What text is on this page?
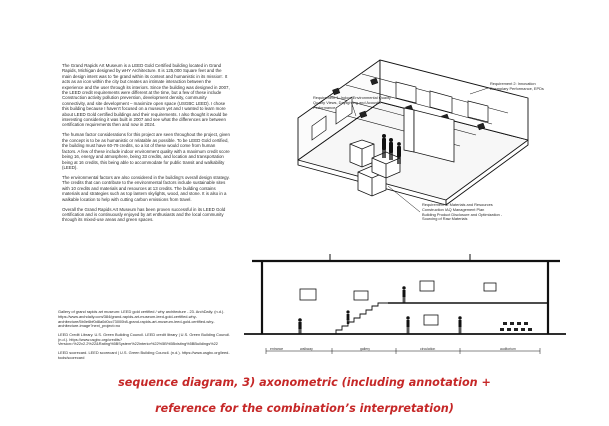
The Grand Rapids Art Museum is a LEED Gold Certified building located in Grand Rapids, Michigan designed by wHY Architecture. It is 125,000 Square feet and the main design intent was to 'be grand within its context and humanistic in its mission'. It acts as an icon within the city but creates an intimate interaction between the experience and the user through its interiors. Since the building was designed in 2007, the LEED credit requirements were different at the time, but a few of these include Construction activity pollution prevention, development density, community connectivity, and site development – maximize open space (USGBC LEED). I chose this building because I haven't focused on a museum yet and I wanted to learn more about LEED Gold certified buildings and their requirements. I also thought it would be interesting considering it was built in 2007 and see what the differences are between certification requirements then and now in 2024.

The human factor considerations for this project are seen throughout the project, given the concept is to be as humanistic or relatable as possible. To be LEED Gold certified, the building must have 60-79 credits, so a lot of these would come from human factors. A few of these include indoor environment quality with a maximum credit score being 16, energy and atmosphere, being 33 credits, and location and transportation being at 16 credits, this being able to accommodate for public transit and walkability (LEED).

The environmental factors are also considered in the building's overall design strategy. The credits that can contribute to the environmental factors include sustainable sites with 10 credits and materials and resources at 13 credits. The building contains materials and strategies such as top lantern skylights, wood, and stone. It is also in a walkable location to help with cutting carbon emissions from travel.

Overall the Grand Rapids Art Museum has been proven successful in its LEED Gold certification and is continuously enjoyed by art enthusiasts and the local community through its mixed-use areas and green spaces.

Gallery of grand rapids art museum: LEED gold certified / why architecture - 23. ArchDaily. (n.d.). https://www.archdaily.com/384/grand-rapids-art-museum-leed-gold-certified-why-architecture/5b0e6bf0d8a0d0cc73000b8-grand-rapids-art-museum-leed-gold-certified-why-architecture-image?next_project=no

LEED Credit Library. U.S. Green Building Council. LEED credit library | U.S. Green Building Council. (n.d.). https://www.usgbc.org/credits?Version=%22v2.2%22&Rating%5BSystem%22interior%22%5B%5Bxisting%5BBuildings%22

LEED scorecard. LEED scorecard | U.S. Green Building Council. (n.d.). https://www.usgbc.org/leed-tools/scorecard

Requirement 1: Indoor Environmental Quality
Quality Views, Daylighting and Acoustic
Performance
Requirement 2: Innovation
Exemplary Performance, EPDs
Requirement 3: Materials and Resources
Construction IAQ Management Plan
Building Product Disclosure and Optimization -
Sourcing of Raw Materials
entrance	walkway	gallery	circulation	auditorium
sequence diagram, 3) axonometric (including annotation +
reference for the combination’s interpretation)
